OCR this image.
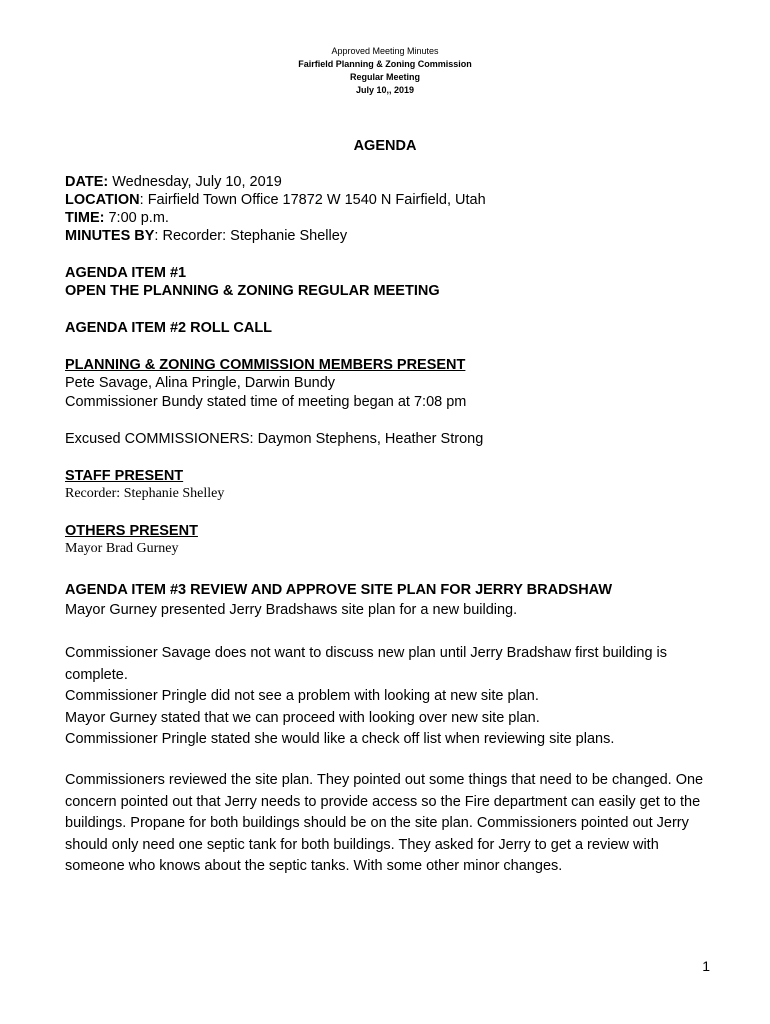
Approved Meeting Minutes
Fairfield Planning & Zoning Commission
Regular Meeting
July 10,, 2019
AGENDA
DATE: Wednesday, July 10, 2019
LOCATION: Fairfield Town Office 17872 W 1540 N Fairfield, Utah
TIME: 7:00 p.m.
MINUTES BY: Recorder: Stephanie Shelley
AGENDA ITEM #1
OPEN THE PLANNING & ZONING REGULAR MEETING
AGENDA ITEM #2 ROLL CALL
PLANNING & ZONING COMMISSION MEMBERS PRESENT
Pete Savage, Alina Pringle, Darwin Bundy
Commissioner Bundy stated time of meeting began at 7:08 pm
Excused COMMISSIONERS: Daymon Stephens, Heather Strong
STAFF PRESENT
Recorder: Stephanie Shelley
OTHERS PRESENT
Mayor Brad Gurney
AGENDA ITEM #3 REVIEW AND APPROVE SITE PLAN FOR JERRY BRADSHAW
Mayor Gurney presented Jerry Bradshaws site plan for a new building.

Commissioner Savage does not want to discuss new plan until Jerry Bradshaw first building is complete.

Commissioner Pringle did not see a problem with looking at new site plan.

Mayor Gurney stated that we can proceed with looking over new site plan.

Commissioner Pringle stated she would like a check off list when reviewing site plans.

Commissioners reviewed the site plan. They pointed out some things that need to be changed. One concern pointed out that Jerry needs to provide access so the Fire department can easily get to the buildings. Propane for both buildings should be on the site plan. Commissioners pointed out Jerry should only need one septic tank for both buildings. They asked for Jerry to get a review with someone who knows about the septic tanks. With some other minor changes.

1
